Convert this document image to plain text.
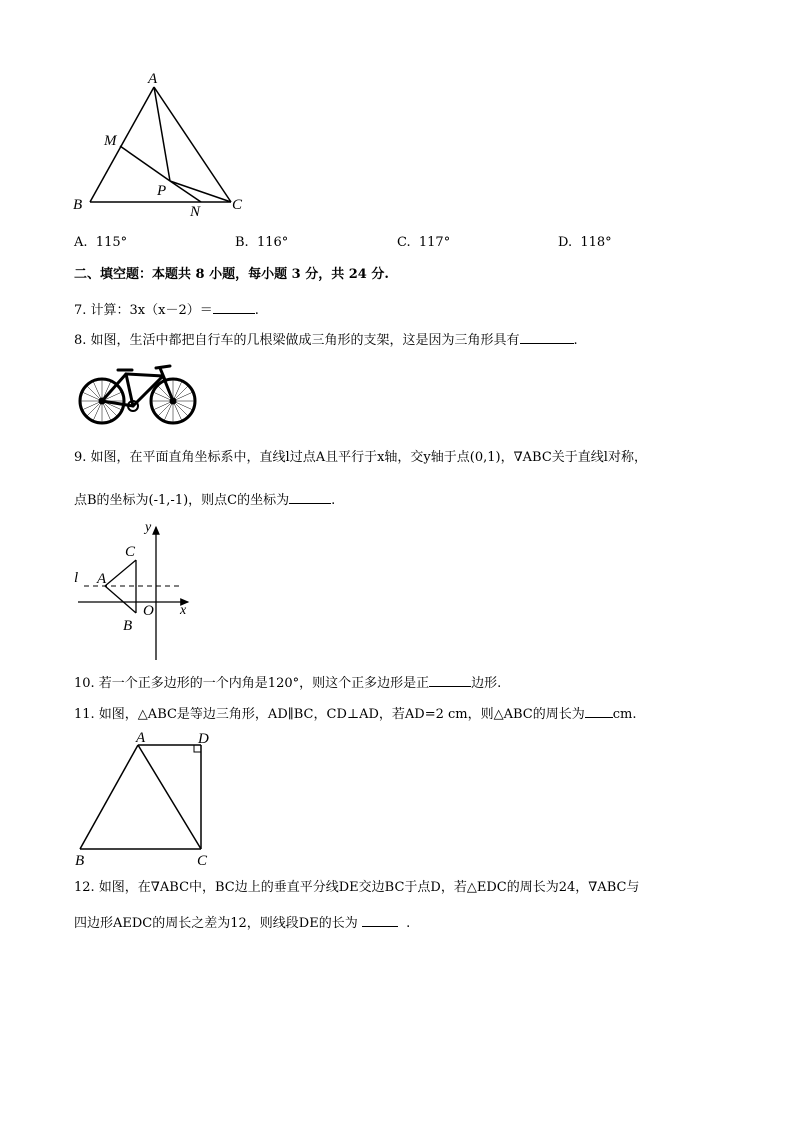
A
M
P
B	N C
A. 115°	B. 116°	C. 117°	D. 118°
二、填空题：本题共 8 小题，每小题 3 分，共 24 分.
7. 计算：3x（x－2）＝	.
8. 如图，生活中都把自行车的几根梁做成三角形的支架，这是因为三角形具有	.
9. 如图，在平面直角坐标系中，直线l过点A且平行于x轴，交y轴于点(0,1)，∇ABC关于直线l对称，
点B的坐标为(-1,-1)，则点C的坐标为	.
y
C
l A
O x
B
10. 若一个正多边形的一个内角是120°，则这个正多边形是正	边形.
11. 如图，△ABC是等边三角形，AD∥BC，CD⊥AD，若AD=2 cm，则△ABC的周长为 cm.
A	D
B	C
12. 如图，在∇ABC中，BC边上的垂直平分线DE交边BC于点D，若△EDC的周长为24，∇ABC与
四边形AEDC的周长之差为12，则线段DE的长为	.
